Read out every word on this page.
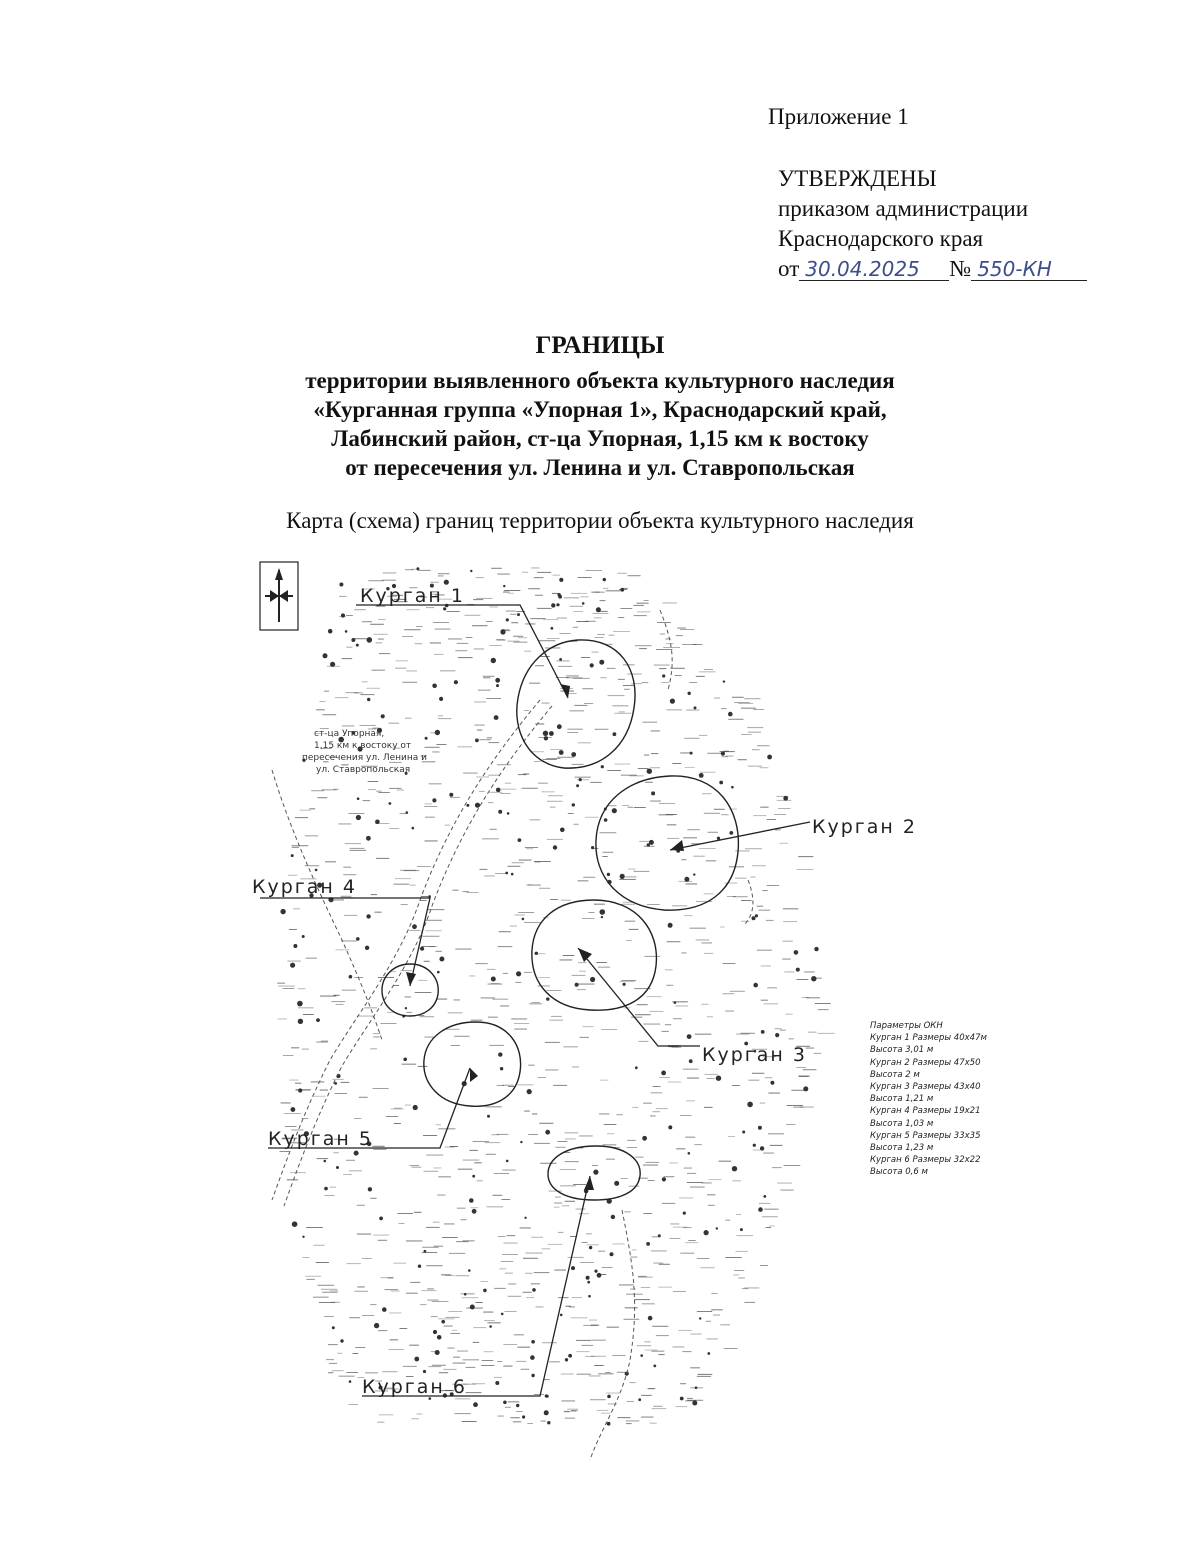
Приложение 1
УТВЕРЖДЕНЫ
приказом администрации
Краснодарского края
от 30.04.2025 № 550-КН
ГРАНИЦЫ
территории выявленного объекта культурного наследия
«Курганная группа «Упорная 1», Краснодарский край,
Лабинский район, ст-ца Упорная, 1,15 км к востоку
от пересечения ул. Ленина и ул. Ставропольская
Карта (схема) границ территории объекта культурного наследия
Курган 1
Курган 2
Курган 3
Курган 4
Курган 5
Курган 6
ст-ца Упорная,
1,15 км к востоку от
пересечения ул. Ленина и
ул. Ставропольская
Параметры ОКН
Курган 1 Размеры 40х47м
Высота 3,01 м
Курган 2 Размеры 47х50
Высота 2 м
Курган 3 Размеры 43х40
Высота 1,21 м
Курган 4 Размеры 19х21
Высота 1,03 м
Курган 5 Размеры 33х35
Высота 1,23 м
Курган 6 Размеры 32х22
Высота 0,6 м
